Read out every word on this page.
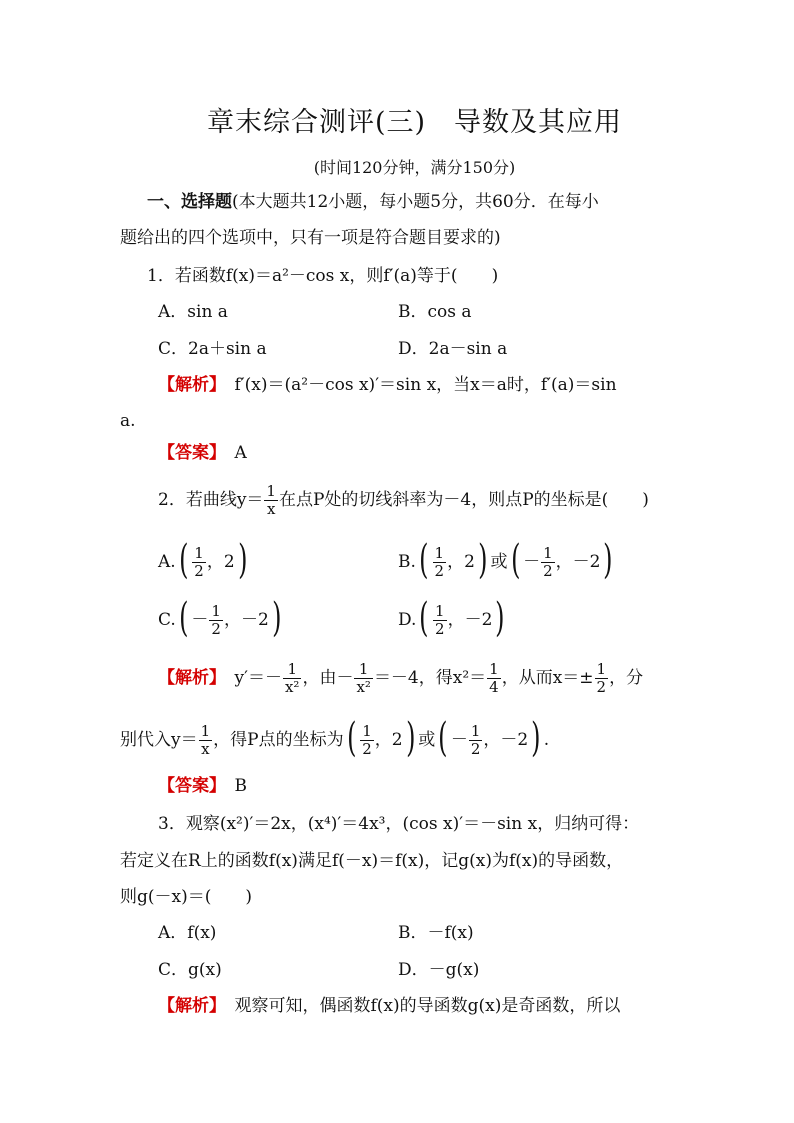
章末综合测评(三)　导数及其应用
(时间120分钟，满分150分)
一、选择题(本大题共12小题，每小题5分，共60分．在每小
题给出的四个选项中，只有一项是符合题目要求的)
1．若函数f(x)＝a²－cos x，则f′(a)等于(　　)
A．sin a	B．cos a
C．2a＋sin a	D．2a－sin a
【解析】　 f′(x)＝(a²－cos x)′＝sin x，当x＝a时，f′(a)＝sin
a.
【答案】　 A
2．若曲线$y= \frac{1}{x}$ 在点P处的切线斜率为－4，则点P的坐标是(　　)
$A.( \frac{1}{2}$ ，2)	$B.( \frac{1}{2}$ ，2) 或( － $\frac{1}{2}$ ，－2)
$C.( - \frac{1}{2}$ ，－2)	$D.( \frac{1}{2}$ ，－2)
【解析】　 $y'=- \frac{1}{\text{x²}}$ ，由－ $\frac{1}{\text{x²}} =-4$，得$x^2= \frac{1}{4}$ ，从而$x=\pm \frac{1}{2}$ ，分
别代入$y= \frac{1}{x}$ ，得P点的坐标为( $\frac{1}{2}$ ，2) 或( － $\frac{1}{2}$ ，－2) .
【答案】　 B
3．观察(x²)′＝2x，(x⁴)′＝4x³，(cos x)′＝－sin x，归纳可得：
若定义在R上的函数f(x)满足f(－x)＝f(x)，记g(x)为f(x)的导函数，
则g(－x)＝(　　)
A．f(x)	B．－f(x)
C．g(x)	D．－g(x)
【解析】　 观察可知，偶函数f(x)的导函数g(x)是奇函数，所以
